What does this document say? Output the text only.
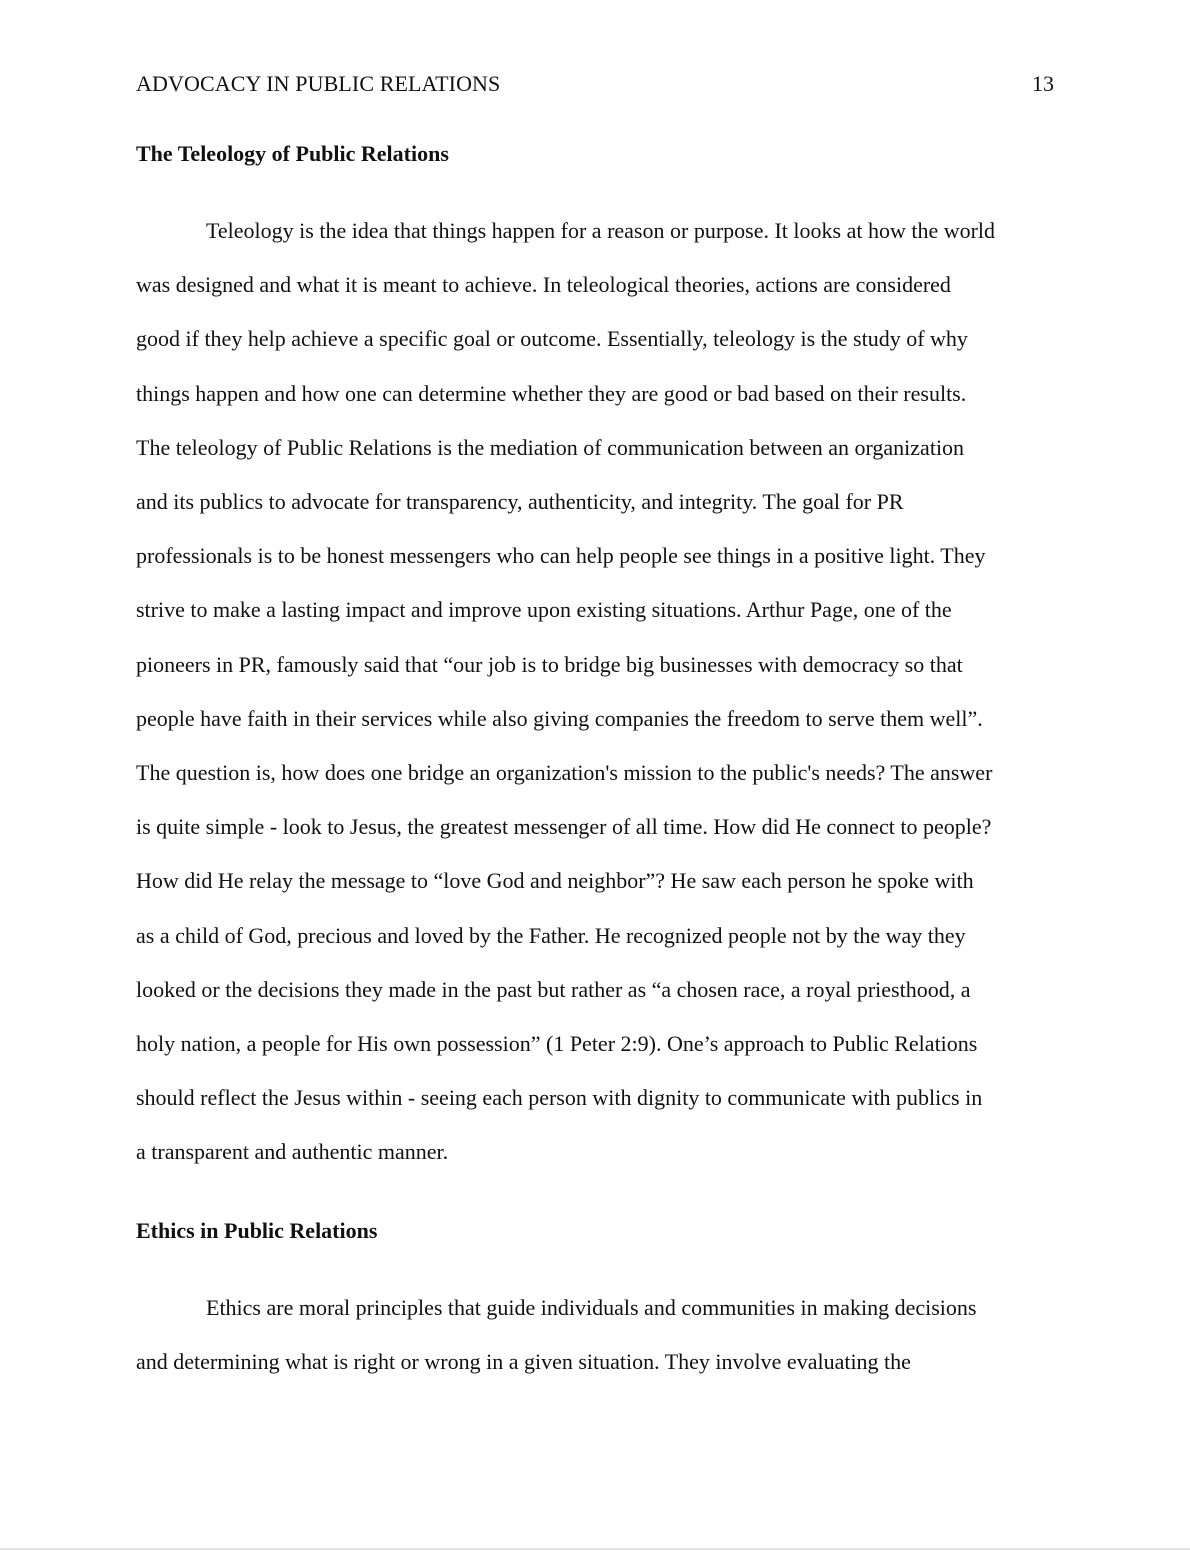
ADVOCACY IN PUBLIC RELATIONS	13
The Teleology of Public Relations

Teleology is the idea that things happen for a reason or purpose. It looks at how the world
was designed and what it is meant to achieve. In teleological theories, actions are considered
good if they help achieve a specific goal or outcome. Essentially, teleology is the study of why
things happen and how one can determine whether they are good or bad based on their results.
The teleology of Public Relations is the mediation of communication between an organization
and its publics to advocate for transparency, authenticity, and integrity. The goal for PR
professionals is to be honest messengers who can help people see things in a positive light. They
strive to make a lasting impact and improve upon existing situations. Arthur Page, one of the
pioneers in PR, famously said that “our job is to bridge big businesses with democracy so that
people have faith in their services while also giving companies the freedom to serve them well”.
The question is, how does one bridge an organization's mission to the public's needs? The answer
is quite simple - look to Jesus, the greatest messenger of all time. How did He connect to people?
How did He relay the message to “love God and neighbor”? He saw each person he spoke with
as a child of God, precious and loved by the Father. He recognized people not by the way they
looked or the decisions they made in the past but rather as “a chosen race, a royal priesthood, a
holy nation, a people for His own possession” (1 Peter 2:9). One’s approach to Public Relations
should reflect the Jesus within - seeing each person with dignity to communicate with publics in
a transparent and authentic manner.

Ethics in Public Relations

Ethics are moral principles that guide individuals and communities in making decisions
and determining what is right or wrong in a given situation. They involve evaluating the
